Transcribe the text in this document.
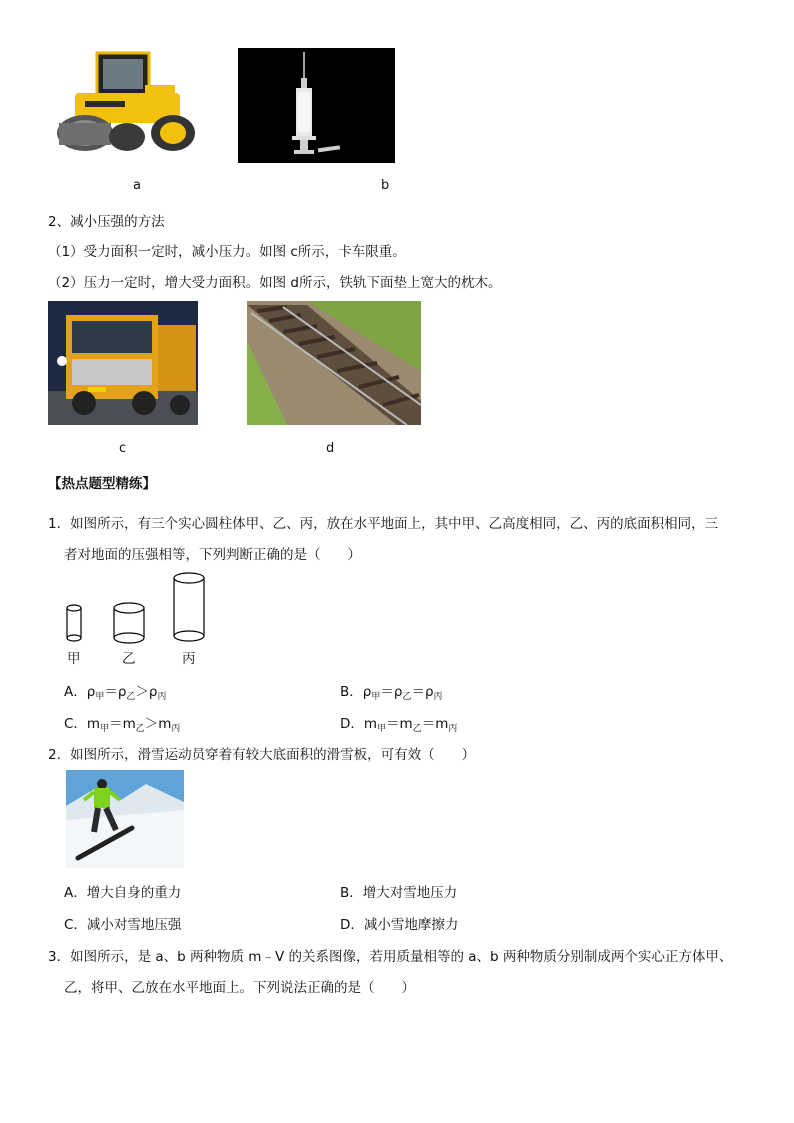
a	b
2、减小压强的方法
（1）受力面积一定时，减小压力。如图 c所示，卡车限重。
（2）压力一定时，增大受力面积。如图 d所示，铁轨下面垫上宽大的枕木。
c	d
【热点题型精练】
1．如图所示，有三个实心圆柱体甲、乙、丙，放在水平地面上，其中甲、乙高度相同，乙、丙的底面积相同，三
者对地面的压强相等，下列判断正确的是（　　）
甲	乙	丙
A．$\rho_甲=\rho_乙>\rho_丙$	B．$\rho_甲=\rho_乙=\rho_丙$
C．$m_甲=m_乙>m_丙$	D．$m_甲=m_乙=m_丙$
2．如图所示，滑雪运动员穿着有较大底面积的滑雪板，可有效（　　）
A．增大自身的重力	B．增大对雪地压力
C．减小对雪地压强	D．减小雪地摩擦力
3．如图所示，是 a、b 两种物质 m﹣V 的关系图像，若用质量相等的 a、b 两种物质分别制成两个实心正方体甲、
乙，将甲、乙放在水平地面上。下列说法正确的是（　　）
